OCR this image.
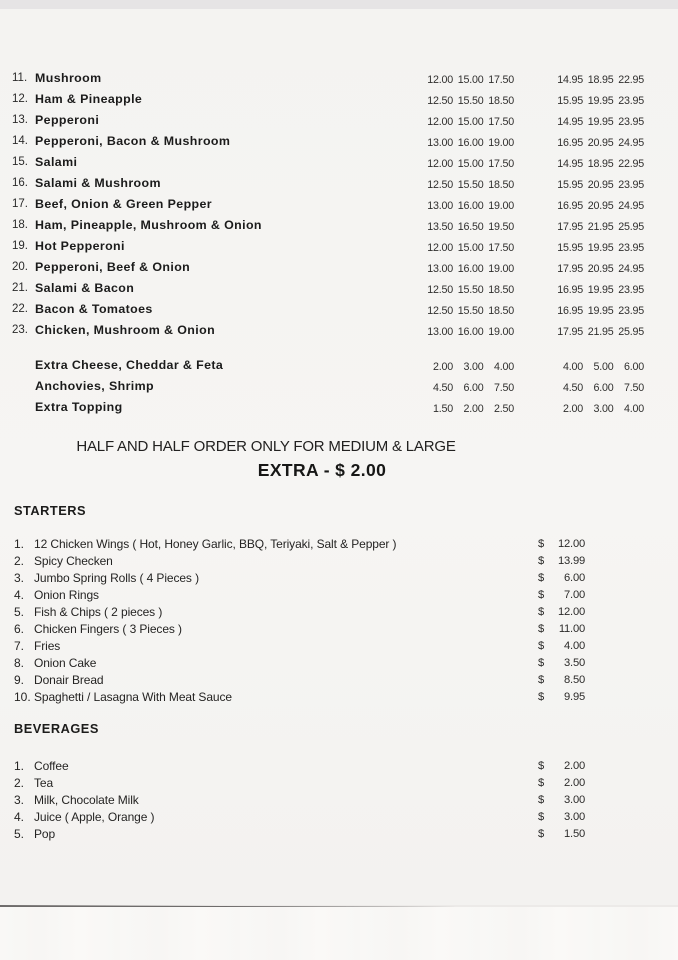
11. Mushroom	12.00 15.00 17.50	14.95 18.95 22.95
12. Ham & Pineapple	12.50 15.50 18.50	15.95 19.95 23.95
13. Pepperoni	12.00 15.00 17.50	14.95 19.95 23.95
14. Pepperoni, Bacon & Mushroom	13.00 16.00 19.00	16.95 20.95 24.95
15. Salami	12.00 15.00 17.50	14.95 18.95 22.95
16. Salami & Mushroom	12.50 15.50 18.50	15.95 20.95 23.95
17. Beef, Onion & Green Pepper	13.00 16.00 19.00	16.95 20.95 24.95
18. Ham, Pineapple, Mushroom & Onion	13.50 16.50 19.50	17.95 21.95 25.95
19. Hot Pepperoni	12.00 15.00 17.50	15.95 19.95 23.95
20. Pepperoni, Beef & Onion	13.00 16.00 19.00	17.95 20.95 24.95
21. Salami & Bacon	12.50 15.50 18.50	16.95 19.95 23.95
22. Bacon & Tomatoes	12.50 15.50 18.50	16.95 19.95 23.95
23. Chicken, Mushroom & Onion	13.00 16.00 19.00	17.95 21.95 25.95
Extra Cheese, Cheddar & Feta	2.00 3.00 4.00	4.00 5.00 6.00
Anchovies, Shrimp	4.50 6.00 7.50	4.50 6.00 7.50
Extra Topping	1.50 2.00 2.50	2.00 3.00 4.00
HALF AND HALF ORDER ONLY FOR MEDIUM & LARGE
EXTRA - $ 2.00
STARTERS
1. 12 Chicken Wings ( Hot, Honey Garlic, BBQ, Teriyaki, Salt & Pepper )	$	12.00
2. Spicy Checken	$	13.99
3. Jumbo Spring Rolls ( 4 Pieces )	$	6.00
4. Onion Rings	$	7.00
5. Fish & Chips ( 2 pieces )	$	12.00
6. Chicken Fingers ( 3 Pieces )	$	11.00
7. Fries	$	4.00
8. Onion Cake	$	3.50
9. Donair Bread	$	8.50
10. Spaghetti / Lasagna With Meat Sauce	$	9.95
BEVERAGES
1. Coffee	$	2.00
2. Tea	$	2.00
3. Milk, Chocolate Milk	$	3.00
4. Juice ( Apple, Orange )	$	3.00
5. Pop	$	1.50
